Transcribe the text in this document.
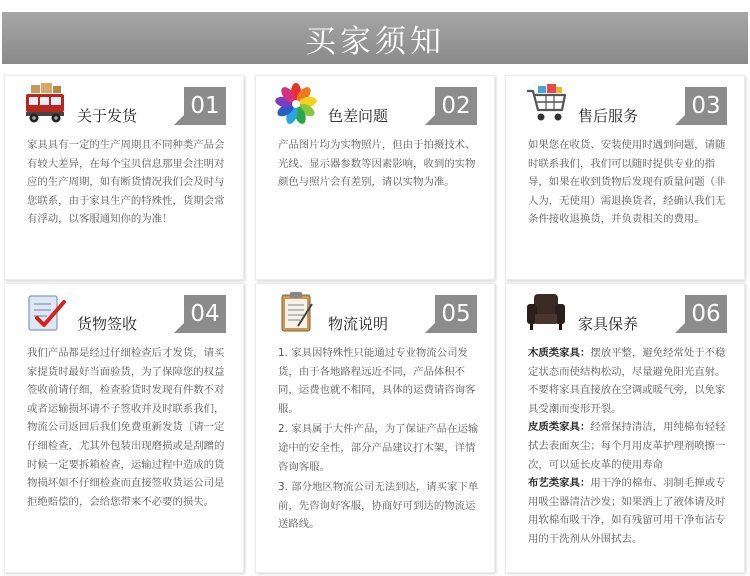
买家须知
关于发货 01

家具具有一定的生产周期且不同种类产品会有较大差异，在每个宝贝信息那里会注明对应的生产周期，如有断货情况我们会及时与您联系，由于家具生产的特殊性，货期会常有浮动，以客服通知你的为准！

色差问题 02

产品图片均为实物照片，但由于拍摄技术、光线、显示器参数等因素影响，收到的实物颜色与照片会有差别，请以实物为准。

售后服务 03

如果您在收货、安装使用时遇到问题，请随时联系我们，我们可以随时提供专业的指导，如果在收到货物后发现有质量问题（非人为，无使用）需退换货者，经确认我们无条件接收退换货，并负责相关的费用。

货物签收 04

我们产品都是经过仔细检查后才发货，请买家提货时最好当面验货，为了保障您的权益签收前请仔细，检查验货时发现有件数不对或者运输损坏请不子签收并及时联系我们，物流公司返回后我们免费重新发货〔请一定仔细检查，尤其外包装出现磨损或是刮蹭的时候一定要拆箱检查，运输过程中造成的货物损坏如不仔细检查而直接签收货运公司是拒绝赔偿的，会给您带来不必要的损失。

物流说明 05

1. 家具因特殊性只能通过专业物流公司发货，由于各地路程远近不同，产品体积不同，运费也就不相同，具体的运费请咨询客服。

2. 家具属于大件产品，为了保证产品在运输途中的安全性，部分产品建议打木架，详情咨询客服。

3. 部分地区物流公司无法到达，请买家下单前，先咨询好客服，协商好可到达的物流运送路线。

家具保养 06

木质类家具：摆放平整，避免经常处于不稳定状态而使结构松动，尽量避免阳光直射。不要将家具直接放在空调或暖气旁，以免家具受潮而变形开裂。

皮质类家具：经常保持清洁，用纯棉布轻轻拭去表面灰尘；每个月用皮革护理剂喷擦一次，可以延长皮革的使用寿命

布艺类家具：用干净的棉布、羽制毛掸或专用吸尘器清洁沙发；如果洒上了液体请及时用软棉布吸干净，如有残留可用干净布沾专用的干洗剂从外围拭去。
